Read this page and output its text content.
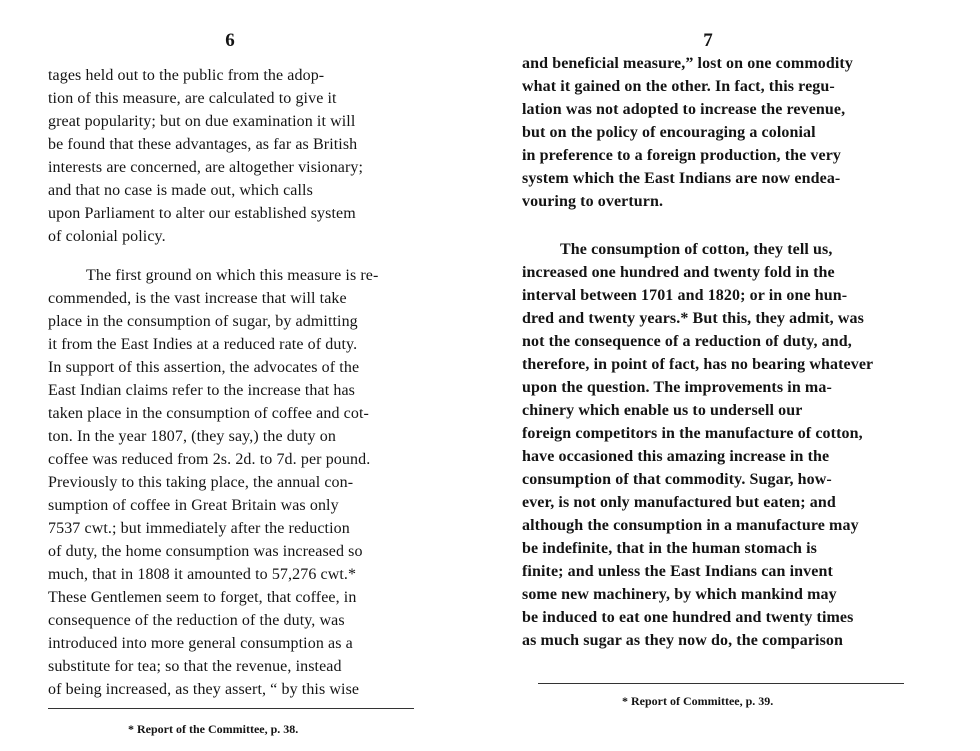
6
tages held out to the public from the adop-
tion of this measure, are calculated to give it
great popularity; but on due examination it will
be found that these advantages, as far as British
interests are concerned, are altogether visionary;
and that no case is made out, which calls
upon Parliament to alter our established system
of colonial policy.
The first ground on which this measure is re-
commended, is the vast increase that will take
place in the consumption of sugar, by admitting
it from the East Indies at a reduced rate of duty.
In support of this assertion, the advocates of the
East Indian claims refer to the increase that has
taken place in the consumption of coffee and cot-
ton. In the year 1807, (they say,) the duty on
coffee was reduced from 2s. 2d. to 7d. per pound.
Previously to this taking place, the annual con-
sumption of coffee in Great Britain was only
7537 cwt.; but immediately after the reduction
of duty, the home consumption was increased so
much, that in 1808 it amounted to 57,276 cwt.*
These Gentlemen seem to forget, that coffee, in
consequence of the reduction of the duty, was
introduced into more general consumption as a
substitute for tea; so that the revenue, instead
of being increased, as they assert, “ by this wise
* Report of the Committee, p. 38.
7
and beneficial measure,” lost on one commodity
what it gained on the other. In fact, this regu-
lation was not adopted to increase the revenue,
but on the policy of encouraging a colonial
in preference to a foreign production, the very
system which the East Indians are now endea-
vouring to overturn.
The consumption of cotton, they tell us,
increased one hundred and twenty fold in the
interval between 1701 and 1820; or in one hun-
dred and twenty years.* But this, they admit, was
not the consequence of a reduction of duty, and,
therefore, in point of fact, has no bearing whatever
upon the question. The improvements in ma-
chinery which enable us to undersell our
foreign competitors in the manufacture of cotton,
have occasioned this amazing increase in the
consumption of that commodity. Sugar, how-
ever, is not only manufactured but eaten; and
although the consumption in a manufacture may
be indefinite, that in the human stomach is
finite; and unless the East Indians can invent
some new machinery, by which mankind may
be induced to eat one hundred and twenty times
as much sugar as they now do, the comparison
* Report of Committee, p. 39.
